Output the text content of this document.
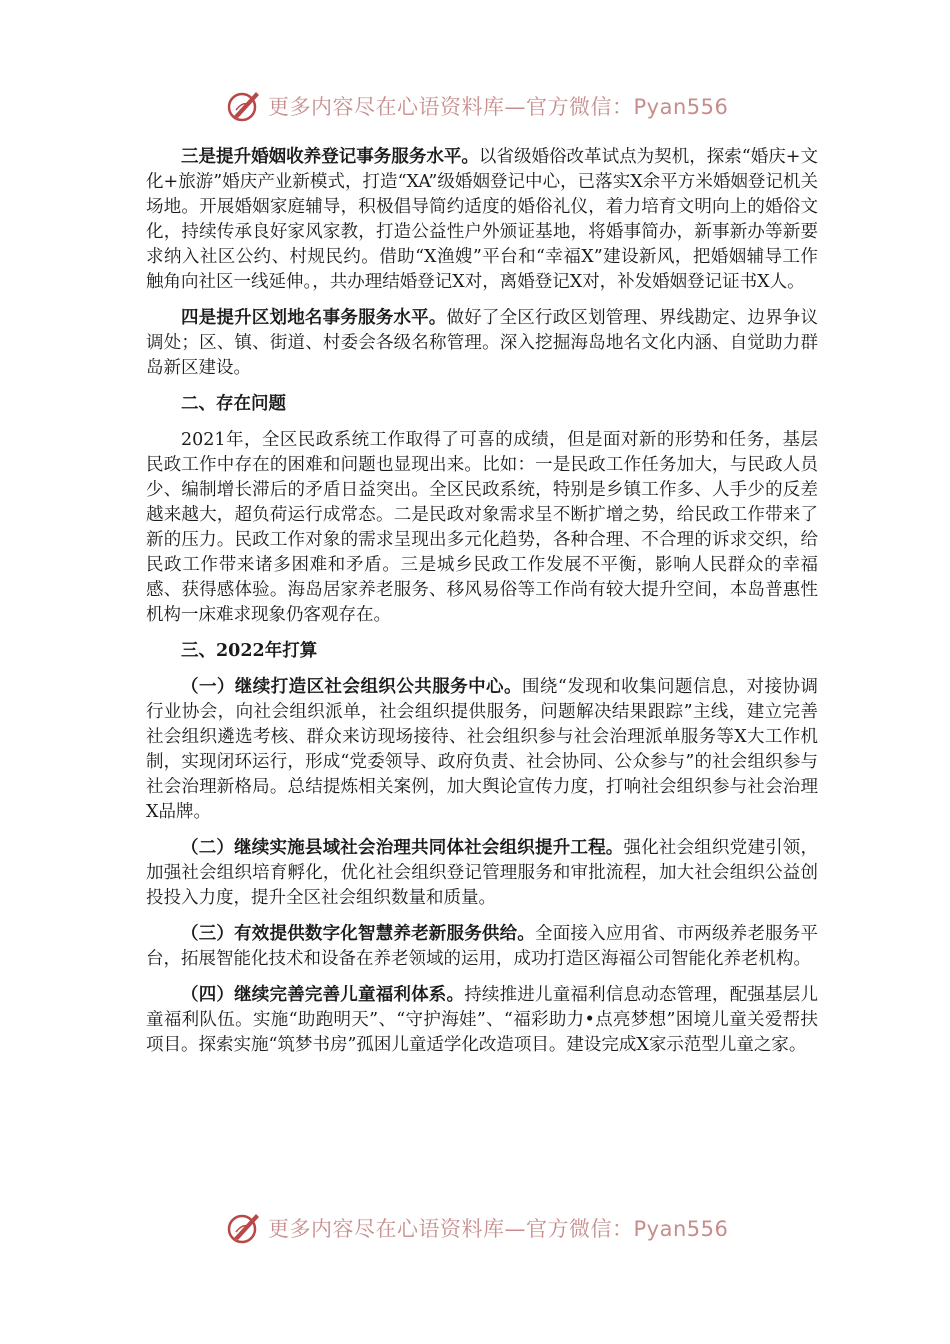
更多内容尽在心语资料库—官方微信：Pyan556

三是提升婚姻收养登记事务服务水平。以省级婚俗改革试点为契机，探索“婚庆+文化+旅游”婚庆产业新模式，打造“XA”级婚姻登记中心，已落实X余平方米婚姻登记机关场地。开展婚姻家庭辅导，积极倡导简约适度的婚俗礼仪，着力培育文明向上的婚俗文化，持续传承良好家风家教，打造公益性户外颁证基地，将婚事简办，新事新办等新要求纳入社区公约、村规民约。借助“X渔嫂”平台和“幸福X”建设新风，把婚姻辅导工作触角向社区一线延伸。，共办理结婚登记X对，离婚登记X对，补发婚姻登记证书X人。

四是提升区划地名事务服务水平。做好了全区行政区划管理、界线勘定、边界争议调处；区、镇、街道、村委会各级名称管理。深入挖掘海岛地名文化内涵、自觉助力群岛新区建设。

二、存在问题

2021年，全区民政系统工作取得了可喜的成绩，但是面对新的形势和任务，基层民政工作中存在的困难和问题也显现出来。比如：一是民政工作任务加大，与民政人员少、编制增长滞后的矛盾日益突出。全区民政系统，特别是乡镇工作多、人手少的反差越来越大，超负荷运行成常态。二是民政对象需求呈不断扩增之势，给民政工作带来了新的压力。民政工作对象的需求呈现出多元化趋势，各种合理、不合理的诉求交织，给民政工作带来诸多困难和矛盾。三是城乡民政工作发展不平衡，影响人民群众的幸福感、获得感体验。海岛居家养老服务、移风易俗等工作尚有较大提升空间，本岛普惠性机构一床难求现象仍客观存在。

三、2022年打算

（一）继续打造区社会组织公共服务中心。围绕“发现和收集问题信息，对接协调行业协会，向社会组织派单，社会组织提供服务，问题解决结果跟踪”主线，建立完善社会组织遴选考核、群众来访现场接待、社会组织参与社会治理派单服务等X大工作机制，实现闭环运行，形成“党委领导、政府负责、社会协同、公众参与”的社会组织参与社会治理新格局。总结提炼相关案例，加大舆论宣传力度，打响社会组织参与社会治理X品牌。

（二）继续实施县域社会治理共同体社会组织提升工程。强化社会组织党建引领，加强社会组织培育孵化，优化社会组织登记管理服务和审批流程，加大社会组织公益创投投入力度，提升全区社会组织数量和质量。

（三）有效提供数字化智慧养老新服务供给。全面接入应用省、市两级养老服务平台，拓展智能化技术和设备在养老领域的运用，成功打造区海福公司智能化养老机构。

（四）继续完善完善儿童福利体系。持续推进儿童福利信息动态管理，配强基层儿童福利队伍。实施“助跑明天”、“守护海娃”、“福彩助力•点亮梦想”困境儿童关爱帮扶项目。探索实施“筑梦书房”孤困儿童适学化改造项目。建设完成X家示范型儿童之家。

更多内容尽在心语资料库—官方微信：Pyan556
